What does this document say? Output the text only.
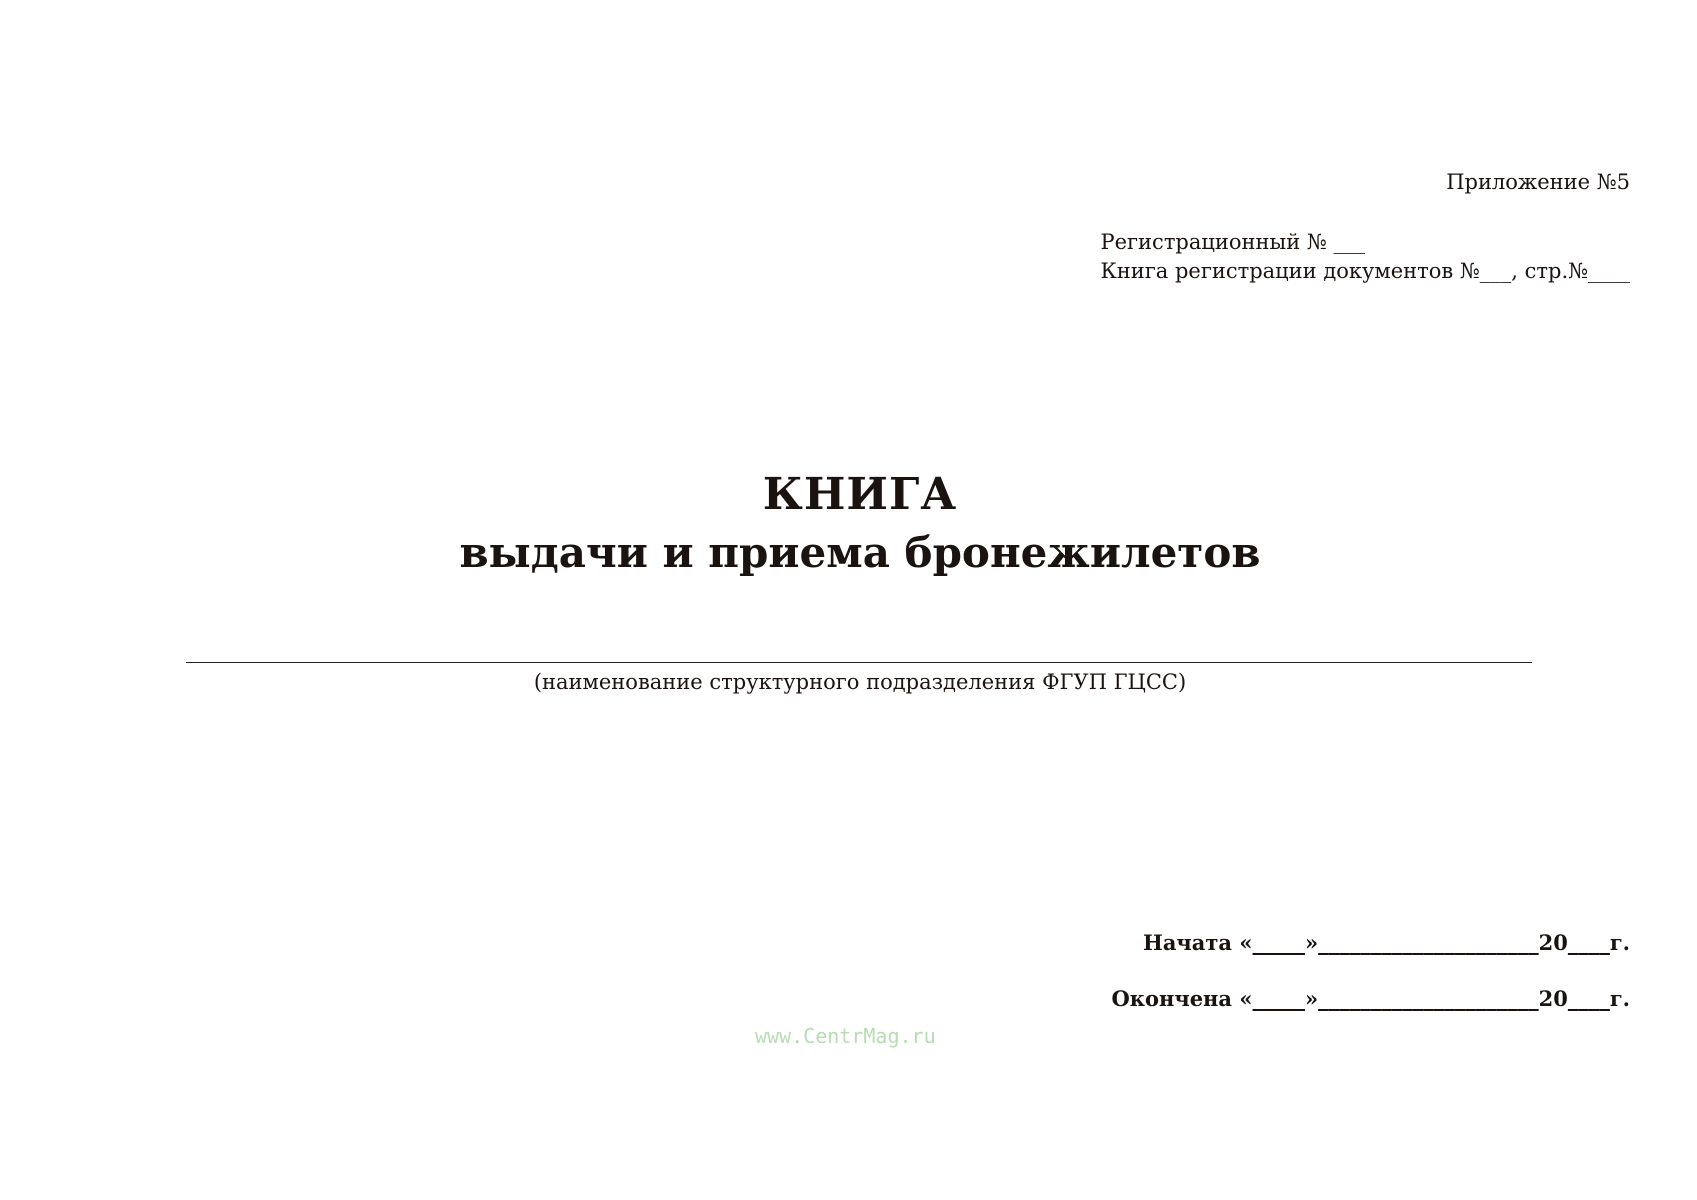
Приложение №5
Регистрационный № ___
Книга регистрации документов №___, стр.№____
КНИГА
выдачи и приема бронежилетов
(наименование структурного подразделения ФГУП ГЦСС)
Начата «_____»_____________________20____г.
Окончена «_____»_____________________20____г.
www.CentrMag.ru
